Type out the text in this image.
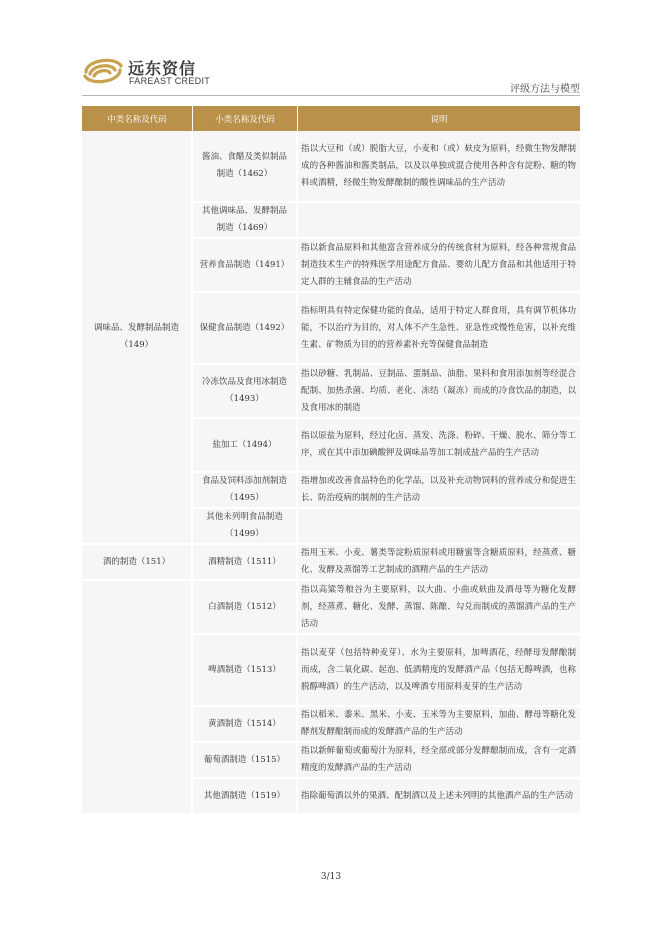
远东资信
FAREAST CREDIT
评级方法与模型
中类名称及代码	小类名称及代码	说明
调味品、发酵制品制造（149）	酱油、食醋及类似制品制造（1462）	指以大豆和（或）脱脂大豆，小麦和（或）麸皮为原料，经微生物发酵制成的各种酱油和酱类制品，以及以单独或混合使用各种含有淀粉、糖的物料或酒精，经微生物发酵酿制的酸性调味品的生产活动
	其他调味品、发酵制品制造（1469）	
	营养食品制造（1491）	指以新食品原料和其他富含营养成分的传统食材为原料，经各种常规食品制造技术生产的特殊医学用途配方食品、婴幼儿配方食品和其他适用于特定人群的主辅食品的生产活动
	保健食品制造（1492）	指标明具有特定保健功能的食品，适用于特定人群食用，具有调节机体功能，不以治疗为目的，对人体不产生急性、亚急性或慢性危害，以补充维生素、矿物质为目的的营养素补充等保健食品制造
	冷冻饮品及食用冰制造（1493）	指以砂糖、乳制品、豆制品、蛋制品、油脂、果料和食用添加剂等经混合配制、加热杀菌、均质、老化、冻结（凝冻）而成的冷食饮品的制造，以及食用冰的制造
	盐加工（1494）	指以原盐为原料，经过化卤、蒸发、洗涤、粉碎、干燥、脱水、筛分等工序，或在其中添加碘酸钾及调味品等加工制成盐产品的生产活动
	食品及饲料添加剂制造（1495）	指增加或改善食品特色的化学品，以及补充动物饲料的营养成分和促进生长、防治疫病的制剂的生产活动
	其他未列明食品制造（1499）	
酒的制造（151）	酒精制造（1511）	指用玉米、小麦、薯类等淀粉质原料或用糖蜜等含糖质原料，经蒸煮、糖化、发酵及蒸馏等工艺制成的酒精产品的生产活动
	白酒制造（1512）	指以高粱等粮谷为主要原料，以大曲、小曲或麸曲及酒母等为糖化发酵剂，经蒸煮、糖化、发酵、蒸馏、陈酿、勾兑而制成的蒸馏酒产品的生产活动
	啤酒制造（1513）	指以麦芽（包括特种麦芽）、水为主要原料，加啤酒花，经酵母发酵酿制而成，含二氧化碳、起泡、低酒精度的发酵酒产品（包括无醇啤酒，也称脱醇啤酒）的生产活动，以及啤酒专用原料麦芽的生产活动
	黄酒制造（1514）	指以稻米、黍米、黑米、小麦、玉米等为主要原料，加曲、酵母等糖化发酵剂发酵酿制而成的发酵酒产品的生产活动
	葡萄酒制造（1515）	指以新鲜葡萄或葡萄汁为原料，经全部或部分发酵酿制而成，含有一定酒精度的发酵酒产品的生产活动
	其他酒制造（1519）	指除葡萄酒以外的果酒、配制酒以及上述未列明的其他酒产品的生产活动
3/13
